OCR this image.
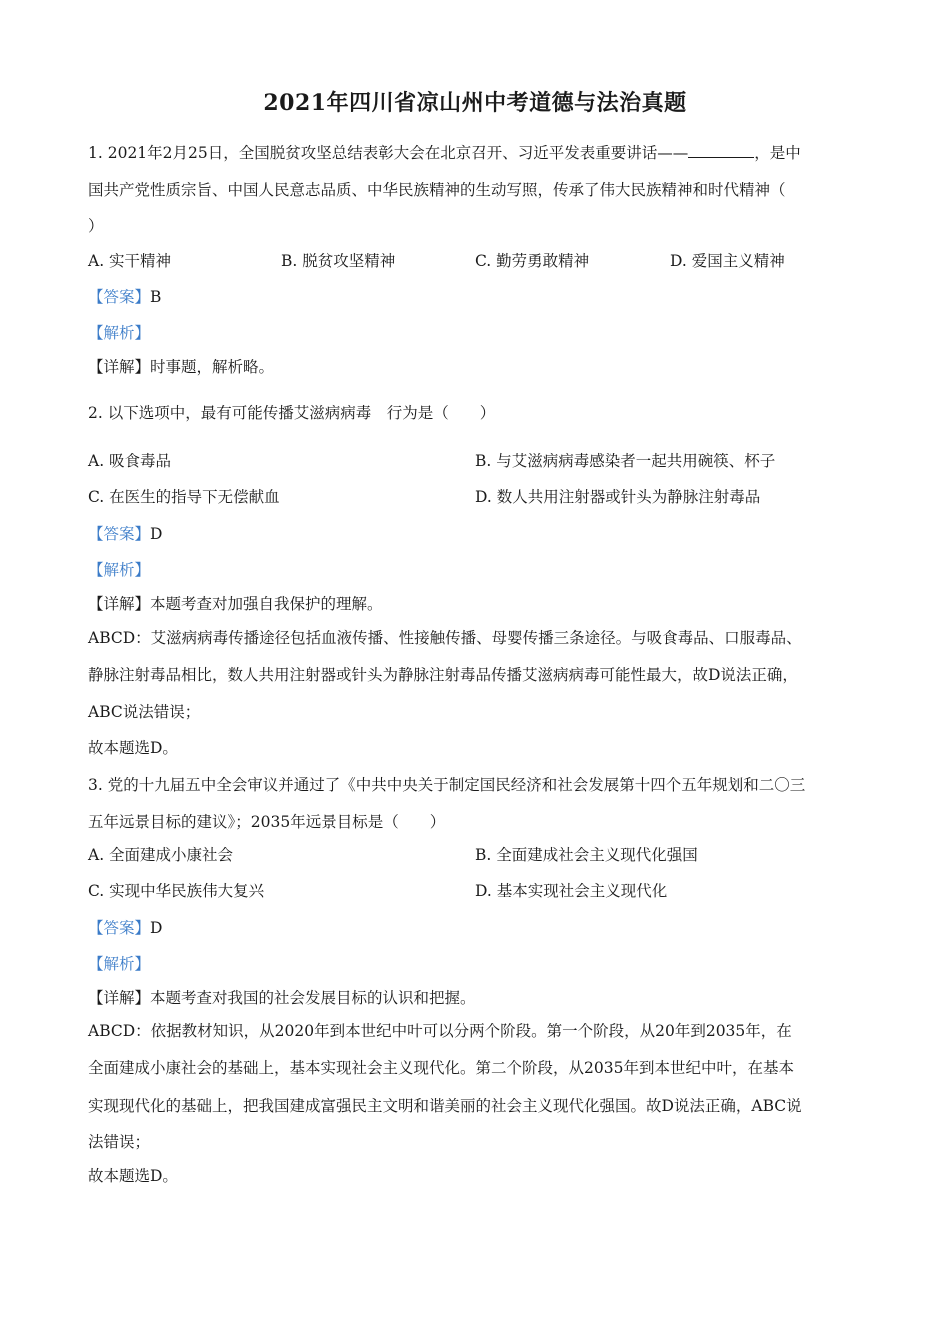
2021年四川省凉山州中考道德与法治真题
1. 2021年2月25日，全国脱贫攻坚总结表彰大会在北京召开、习近平发表重要讲话——	，是中
国共产党性质宗旨、中国人民意志品质、中华民族精神的生动写照，传承了伟大民族精神和时代精神（
）
A. 实干精神	B. 脱贫攻坚精神	C. 勤劳勇敢精神	D. 爱国主义精神
【答案】B
【解析】
【详解】时事题，解析略。
2. 以下选项中，最有可能传播艾滋病病毒　行为是（　　）
A. 吸食毒品	B. 与艾滋病病毒感染者一起共用碗筷、杯子
C. 在医生的指导下无偿献血	D. 数人共用注射器或针头为静脉注射毒品
【答案】D
【解析】
【详解】本题考查对加强自我保护的理解。
ABCD：艾滋病病毒传播途径包括血液传播、性接触传播、母婴传播三条途径。与吸食毒品、口服毒品、
静脉注射毒品相比，数人共用注射器或针头为静脉注射毒品传播艾滋病病毒可能性最大，故D说法正确，
ABC说法错误；
故本题选D。
3. 党的十九届五中全会审议并通过了《中共中央关于制定国民经济和社会发展第十四个五年规划和二〇三
五年远景目标的建议》；2035年远景目标是（　　）
A. 全面建成小康社会	B. 全面建成社会主义现代化强国
C. 实现中华民族伟大复兴	D. 基本实现社会主义现代化
【答案】D
【解析】
【详解】本题考查对我国的社会发展目标的认识和把握。
ABCD：依据教材知识，从2020年到本世纪中叶可以分两个阶段。第一个阶段，从20年到2035年，在
全面建成小康社会的基础上，基本实现社会主义现代化。第二个阶段，从2035年到本世纪中叶，在基本
实现现代化的基础上，把我国建成富强民主文明和谐美丽的社会主义现代化强国。故D说法正确，ABC说
法错误；
故本题选D。
